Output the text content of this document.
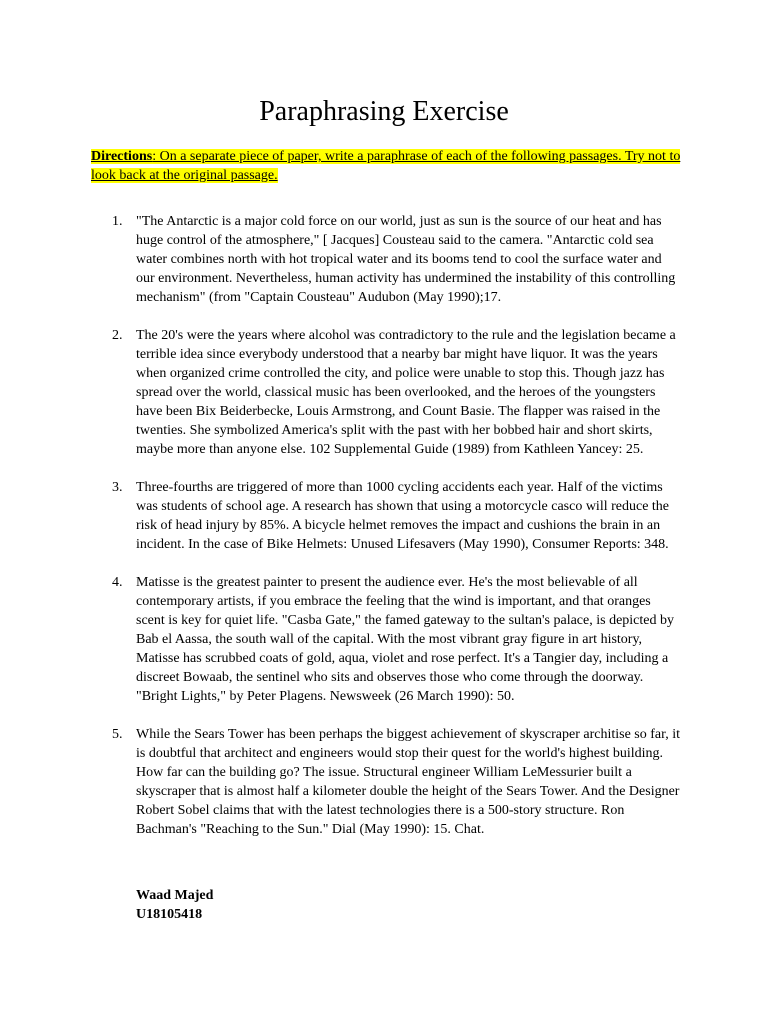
Paraphrasing Exercise

Directions: On a separate piece of paper, write a paraphrase of each of the following passages. Try not to look back at the original passage.

1. "The Antarctic is a major cold force on our world, just as sun is the source of our heat and has huge control of the atmosphere," [ Jacques] Cousteau said to the camera. "Antarctic cold sea water combines north with hot tropical water and its booms tend to cool the surface water and our environment. Nevertheless, human activity has undermined the instability of this controlling mechanism" (from "Captain Cousteau" Audubon (May 1990);17.
2. The 20's were the years where alcohol was contradictory to the rule and the legislation became a terrible idea since everybody understood that a nearby bar might have liquor. It was the years when organized crime controlled the city, and police were unable to stop this. Though jazz has spread over the world, classical music has been overlooked, and the heroes of the youngsters have been Bix Beiderbecke, Louis Armstrong, and Count Basie. The flapper was raised in the twenties. She symbolized America's split with the past with her bobbed hair and short skirts, maybe more than anyone else. 102 Supplemental Guide (1989) from Kathleen Yancey: 25.
3. Three-fourths are triggered of more than 1000 cycling accidents each year. Half of the victims was students of school age. A research has shown that using a motorcycle casco will reduce the risk of head injury by 85%. A bicycle helmet removes the impact and cushions the brain in an incident. In the case of Bike Helmets: Unused Lifesavers (May 1990), Consumer Reports: 348.
4. Matisse is the greatest painter to present the audience ever. He's the most believable of all contemporary artists, if you embrace the feeling that the wind is important, and that oranges scent is key for quiet life. "Casba Gate," the famed gateway to the sultan's palace, is depicted by Bab el Aassa, the south wall of the capital. With the most vibrant gray figure in art history, Matisse has scrubbed coats of gold, aqua, violet and rose perfect. It's a Tangier day, including a discreet Bowaab, the sentinel who sits and observes those who come through the doorway. "Bright Lights," by Peter Plagens. Newsweek (26 March 1990): 50.
5. While the Sears Tower has been perhaps the biggest achievement of skyscraper architise so far, it is doubtful that architect and engineers would stop their quest for the world's highest building. How far can the building go? The issue. Structural engineer William LeMessurier built a skyscraper that is almost half a kilometer double the height of the Sears Tower. And the Designer Robert Sobel claims that with the latest technologies there is a 500-story structure. Ron Bachman's "Reaching to the Sun." Dial (May 1990): 15. Chat.
Waad Majed
U18105418
